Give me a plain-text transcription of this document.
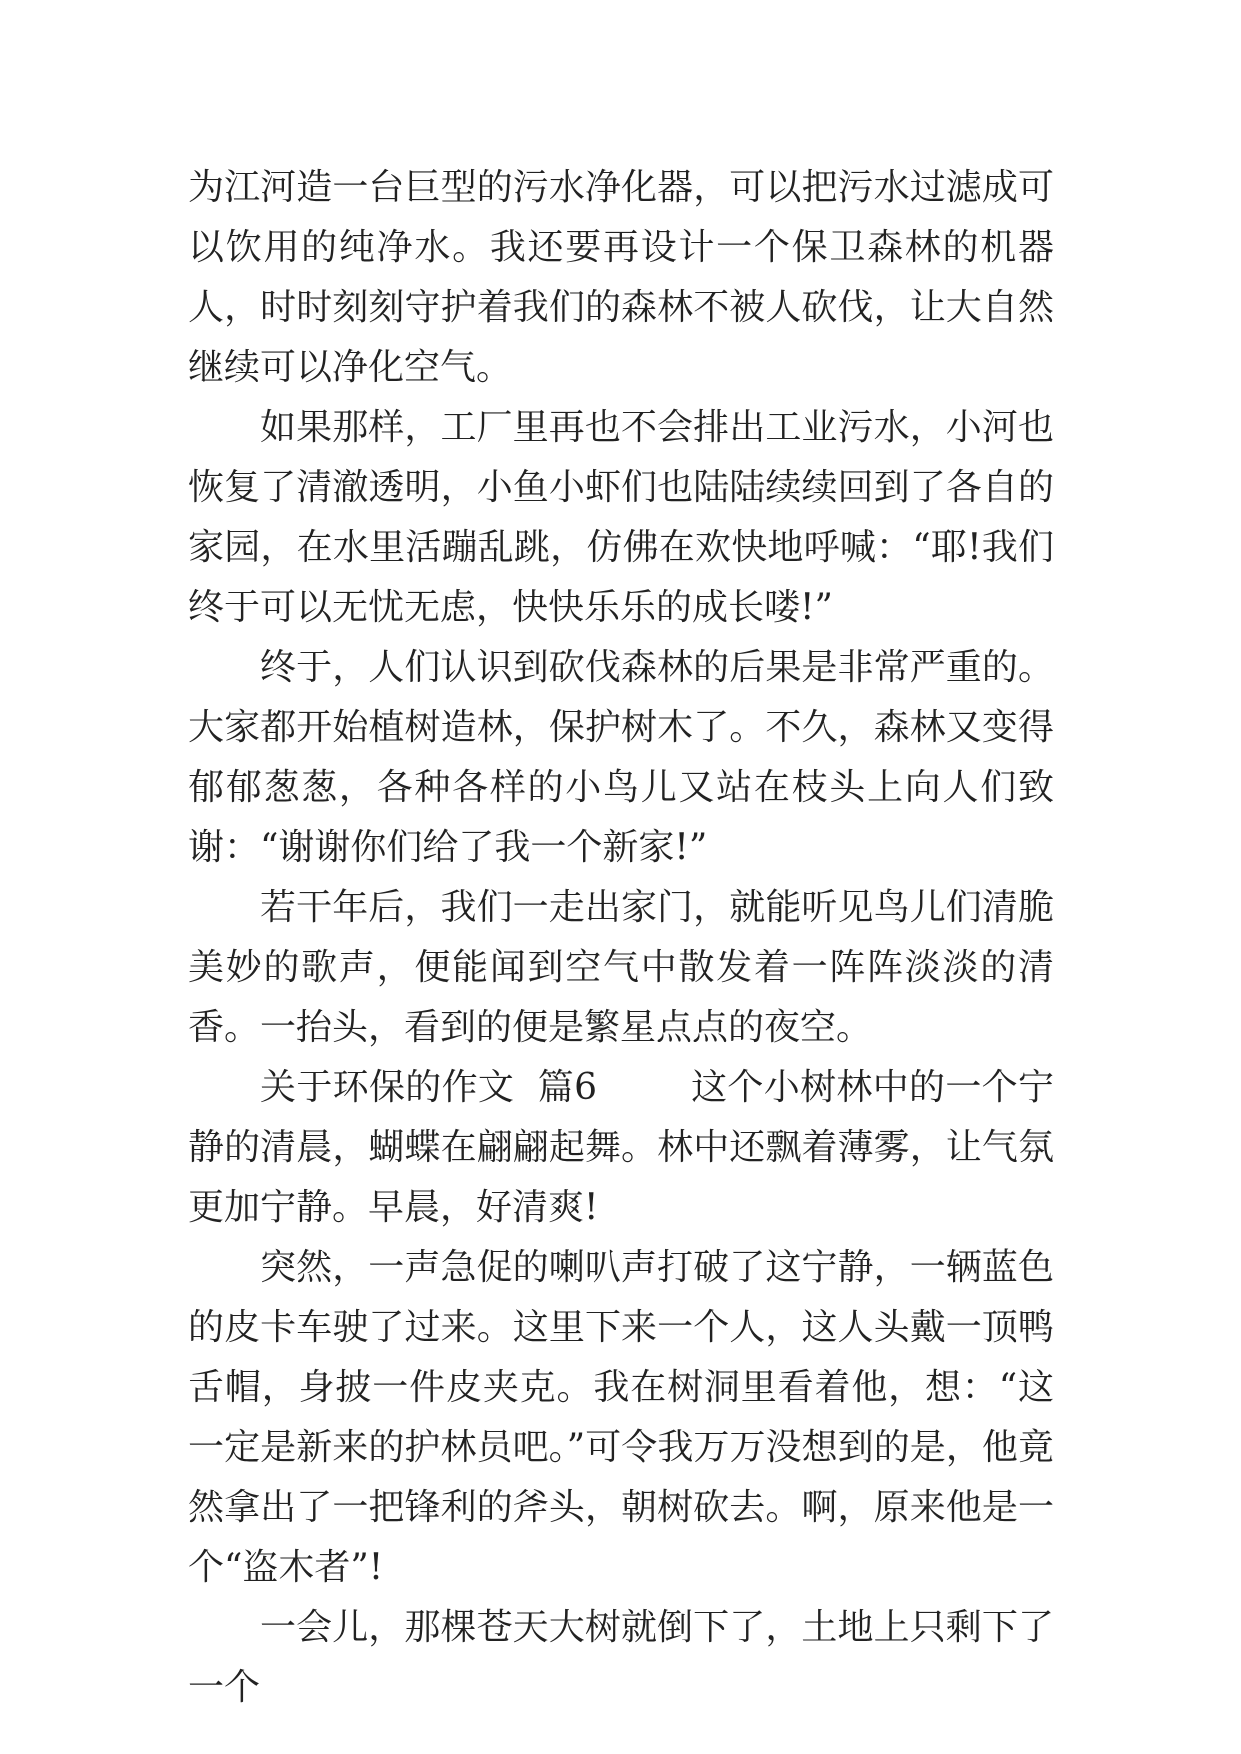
为江河造一台巨型的污水净化器，可以把污水过滤成可以饮用的纯净水。我还要再设计一个保卫森林的机器人，时时刻刻守护着我们的森林不被人砍伐，让大自然继续可以净化空气。

如果那样，工厂里再也不会排出工业污水，小河也恢复了清澈透明，小鱼小虾们也陆陆续续回到了各自的家园，在水里活蹦乱跳，仿佛在欢快地呼喊：“耶!我们终于可以无忧无虑，快快乐乐的成长喽!”

终于，人们认识到砍伐森林的后果是非常严重的。大家都开始植树造林，保护树木了。不久，森林又变得郁郁葱葱，各种各样的小鸟儿又站在枝头上向人们致谢：“谢谢你们给了我一个新家!”

若干年后，我们一走出家门，就能听见鸟儿们清脆美妙的歌声，便能闻到空气中散发着一阵阵淡淡的清香。一抬头，看到的便是繁星点点的夜空。

关于环保的作文  篇6	这个小树林中的一个宁静的清晨，蝴蝶在翩翩起舞。林中还飘着薄雾，让气氛更加宁静。早晨，好清爽!

突然，一声急促的喇叭声打破了这宁静，一辆蓝色的皮卡车驶了过来。这里下来一个人，这人头戴一顶鸭舌帽，身披一件皮夹克。我在树洞里看着他，想：“这一定是新来的护林员吧。”可令我万万没想到的是，他竟然拿出了一把锋利的斧头，朝树砍去。啊，原来他是一个“盗木者”!

一会儿，那棵苍天大树就倒下了，土地上只剩下了一个
